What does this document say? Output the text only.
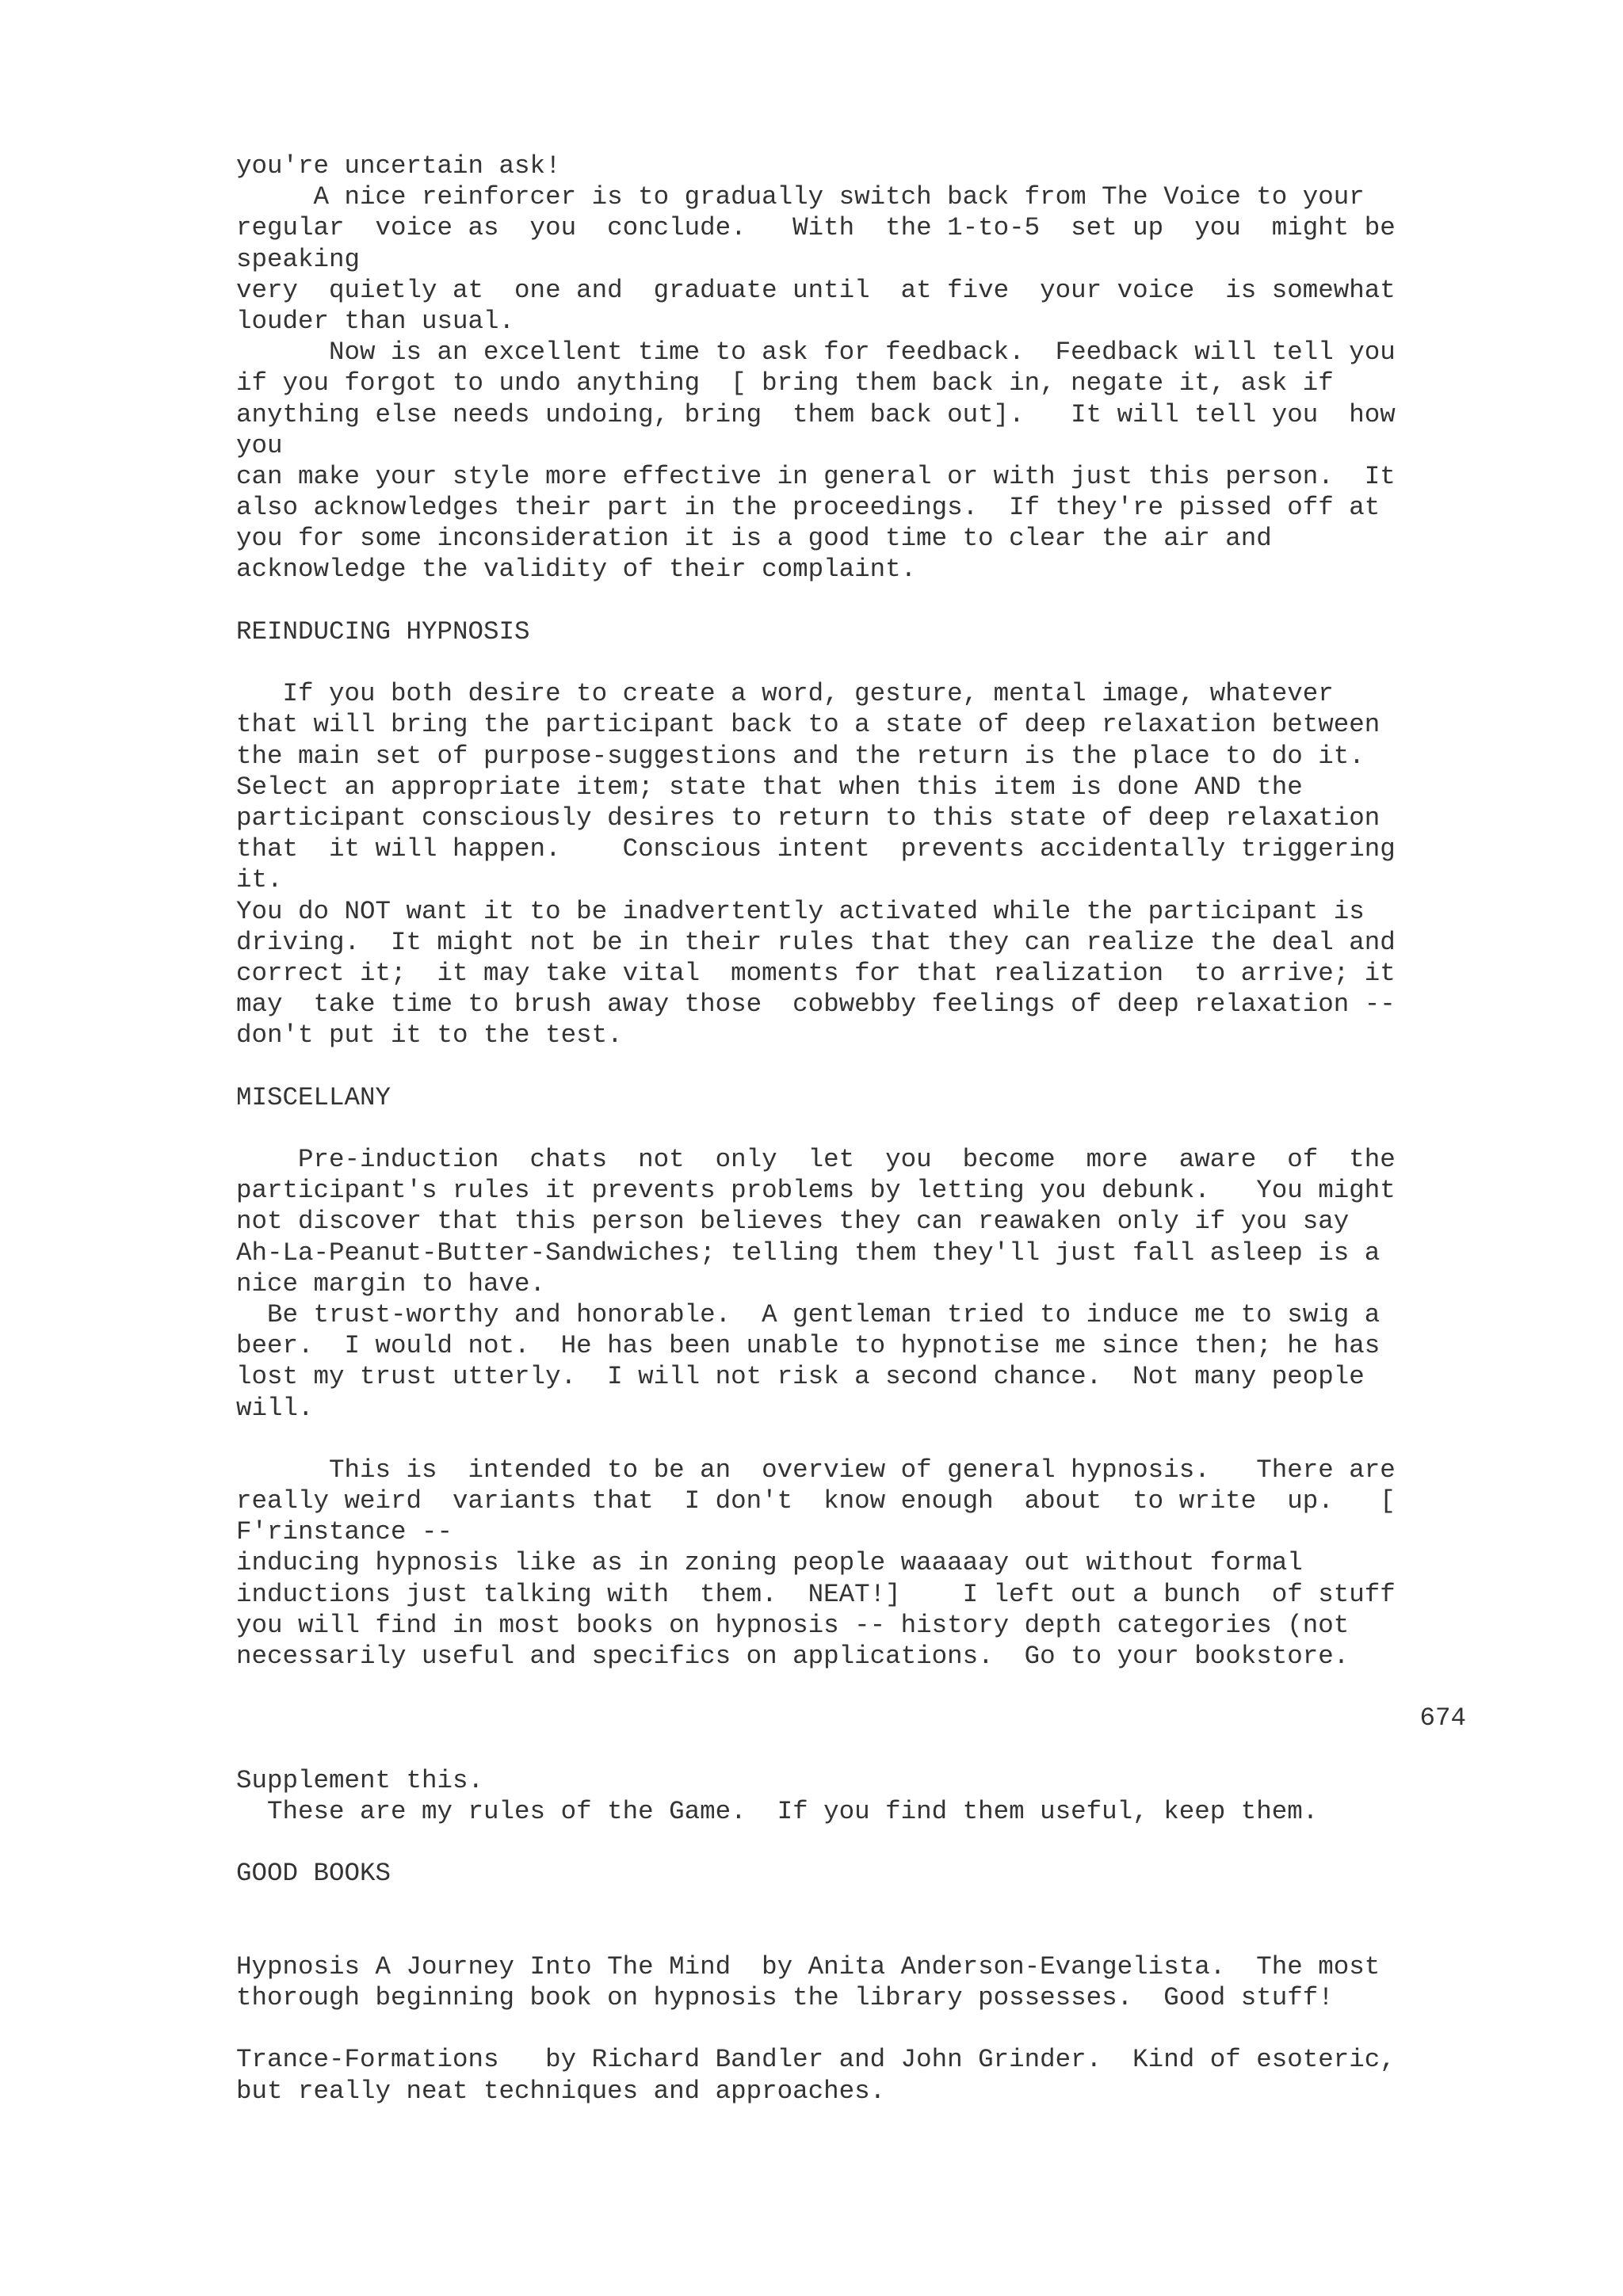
you're uncertain ask!
A nice reinforcer is to gradually switch back from The Voice to your
regular  voice as  you  conclude.   With  the 1-to-5  set up  you  might be
speaking
very  quietly at  one and  graduate until  at five  your voice  is somewhat
louder than usual.
Now is an excellent time to ask for feedback.  Feedback will tell you
if you forgot to undo anything  [ bring them back in, negate it, ask if
anything else needs undoing, bring  them back out].   It will tell you  how
you
can make your style more effective in general or with just this person.  It
also acknowledges their part in the proceedings.  If they're pissed off at
you for some inconsideration it is a good time to clear the air and
acknowledge the validity of their complaint.
REINDUCING HYPNOSIS
If you both desire to create a word, gesture, mental image, whatever
that will bring the participant back to a state of deep relaxation between
the main set of purpose-suggestions and the return is the place to do it.
Select an appropriate item; state that when this item is done AND the
participant consciously desires to return to this state of deep relaxation
that  it will happen.    Conscious intent  prevents accidentally triggering
it.
You do NOT want it to be inadvertently activated while the participant is
driving.  It might not be in their rules that they can realize the deal and
correct it;  it may take vital  moments for that realization  to arrive; it
may  take time to brush away those  cobwebby feelings of deep relaxation --
don't put it to the test.
MISCELLANY
Pre-induction  chats  not  only  let  you  become  more  aware  of  the
participant's rules it prevents problems by letting you debunk.   You might
not discover that this person believes they can reawaken only if you say
Ah-La-Peanut-Butter-Sandwiches; telling them they'll just fall asleep is a
nice margin to have.
Be trust-worthy and honorable.  A gentleman tried to induce me to swig a
beer.  I would not.  He has been unable to hypnotise me since then; he has
lost my trust utterly.  I will not risk a second chance.  Not many people
will.
This is  intended to be an  overview of general hypnosis.   There are
really weird  variants that  I don't  know enough  about  to write  up.   [
F'rinstance --
inducing hypnosis like as in zoning people waaaaay out without formal
inductions just talking with  them.  NEAT!]    I left out a bunch  of stuff
you will find in most books on hypnosis -- history depth categories (not
necessarily useful and specifics on applications.  Go to your bookstore.
674
Supplement this.
These are my rules of the Game.  If you find them useful, keep them.
GOOD BOOKS
Hypnosis A Journey Into The Mind  by Anita Anderson-Evangelista.  The most
thorough beginning book on hypnosis the library possesses.  Good stuff!
Trance-Formations   by Richard Bandler and John Grinder.  Kind of esoteric,
but really neat techniques and approaches.
